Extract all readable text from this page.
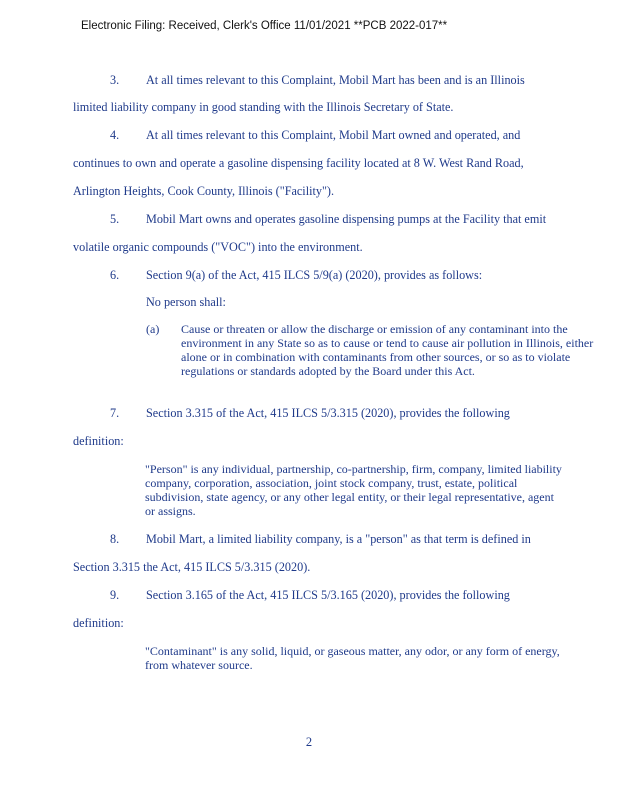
Electronic Filing: Received, Clerk's Office 11/01/2021 **PCB 2022-017**
3. At all times relevant to this Complaint, Mobil Mart has been and is an Illinois
limited liability company in good standing with the Illinois Secretary of State.
4. At all times relevant to this Complaint, Mobil Mart owned and operated, and
continues to own and operate a gasoline dispensing facility located at 8 W. West Rand Road,
Arlington Heights, Cook County, Illinois ("Facility").
5. Mobil Mart owns and operates gasoline dispensing pumps at the Facility that emit
volatile organic compounds ("VOC") into the environment.
6. Section 9(a) of the Act, 415 ILCS 5/9(a) (2020), provides as follows:
No person shall:
(a) Cause or threaten or allow the discharge or emission of any contaminant into the environment in any State so as to cause or tend to cause air pollution in Illinois, either alone or in combination with contaminants from other sources, or so as to violate regulations or standards adopted by the Board under this Act.
7. Section 3.315 of the Act, 415 ILCS 5/3.315 (2020), provides the following
definition:
"Person" is any individual, partnership, co-partnership, firm, company, limited liability company, corporation, association, joint stock company, trust, estate, political subdivision, state agency, or any other legal entity, or their legal representative, agent or assigns.
8. Mobil Mart, a limited liability company, is a "person" as that term is defined in
Section 3.315 the Act, 415 ILCS 5/3.315 (2020).
9. Section 3.165 of the Act, 415 ILCS 5/3.165 (2020), provides the following
definition:
"Contaminant" is any solid, liquid, or gaseous matter, any odor, or any form of energy, from whatever source.
2
